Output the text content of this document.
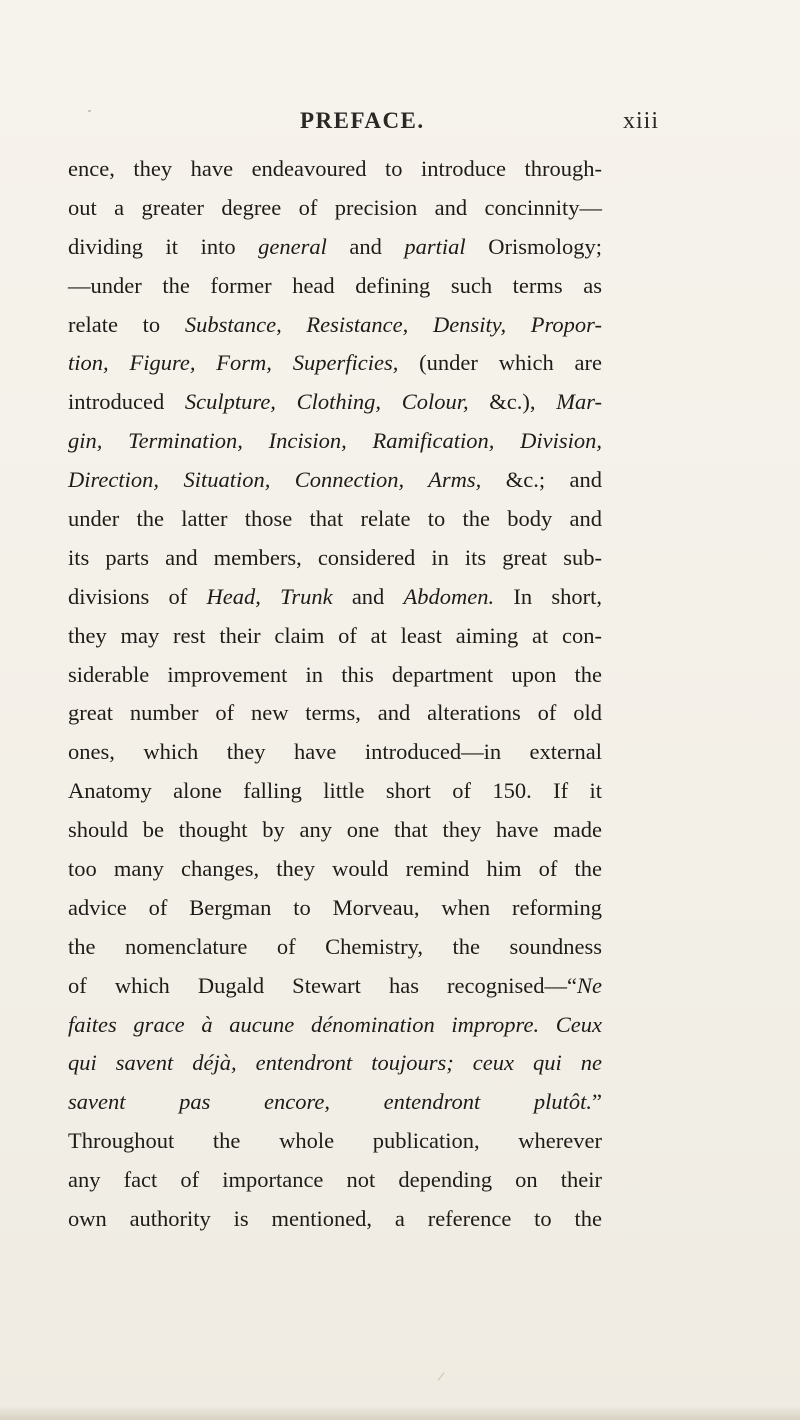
PREFACE.	xiii
ence, they have endeavoured to introduce through-
out a greater degree of precision and concinnity—
dividing it into general and partial Orismology;
—under the former head defining such terms as
relate to Substance, Resistance, Density, Propor-
tion, Figure, Form, Superficies, (under which are
introduced Sculpture, Clothing, Colour, &c.), Mar-
gin, Termination, Incision, Ramification, Division,
Direction, Situation, Connection, Arms, &c.; and
under the latter those that relate to the body and
its parts and members, considered in its great sub-
divisions of Head, Trunk and Abdomen. In short,
they may rest their claim of at least aiming at con-
siderable improvement in this department upon the
great number of new terms, and alterations of old
ones, which they have introduced—in external
Anatomy alone falling little short of 150. If it
should be thought by any one that they have made
too many changes, they would remind him of the
advice of Bergman to Morveau, when reforming
the nomenclature of Chemistry, the soundness
of which Dugald Stewart has recognised—“Ne
faites grace à aucune dénomination impropre. Ceux
qui savent déjà, entendront toujours; ceux qui ne
savent pas encore, entendront plutôt.”
Throughout the whole publication, wherever
any fact of importance not depending on their
own authority is mentioned, a reference to the
